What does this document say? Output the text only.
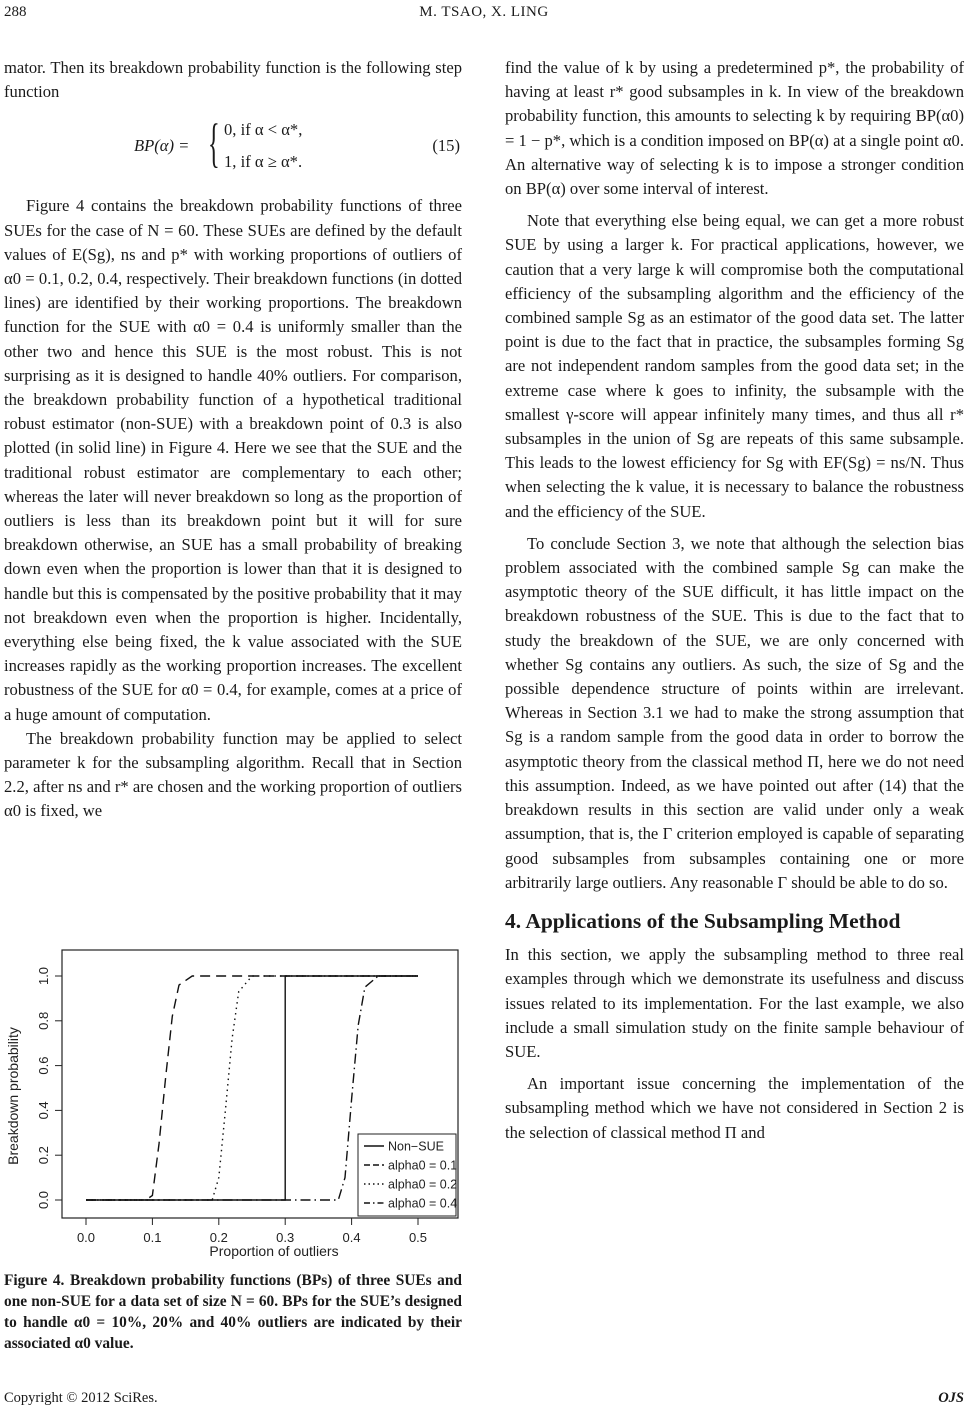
288	M. TSAO, X. LING

mator. Then its breakdown probability function is the following step function

BP(α) = { 0, if α < α*,
1, if α ≥ α*.
(15)

Figure 4 contains the breakdown probability functions of three SUEs for the case of N = 60. These SUEs are defined by the default values of E(Sg), ns and p* with working proportions of outliers of α0 = 0.1, 0.2, 0.4, respectively. Their breakdown functions (in dotted lines) are identified by their working proportions. The breakdown function for the SUE with α0 = 0.4 is uniformly smaller than the other two and hence this SUE is the most robust. This is not surprising as it is designed to handle 40% outliers. For comparison, the breakdown probability function of a hypothetical traditional robust estimator (non-SUE) with a breakdown point of 0.3 is also plotted (in solid line) in Figure 4. Here we see that the SUE and the traditional robust estimator are complementary to each other; whereas the later will never breakdown so long as the proportion of outliers is less than its breakdown point but it will for sure breakdown otherwise, an SUE has a small probability of breaking down even when the proportion is lower than that it is designed to handle but this is compensated by the positive probability that it may not breakdown even when the proportion is higher. Incidentally, everything else being fixed, the k value associated with the SUE increases rapidly as the working proportion increases. The excellent robustness of the SUE for α0 = 0.4, for example, comes at a price of a huge amount of computation.

The breakdown probability function may be applied to select parameter k for the subsampling algorithm. Recall that in Section 2.2, after ns and r* are chosen and the working proportion of outliers α0 is fixed, we

0.0	0.1	0.2	0.3	0.4	0.5
0.0
0.2
0.4
0.6
0.8
1.0
Proportion of outliers
Breakdown probability	Non−SUE
alpha0 = 0.1
alpha0 = 0.2
alpha0 = 0.4
Figure 4. Breakdown probability functions (BPs) of three SUEs and one non-SUE for a data set of size N = 60. BPs for the SUE’s designed to handle α0 = 10%, 20% and 40% outliers are indicated by their associated α0 value.

find the value of k by using a predetermined p*, the probability of having at least r* good subsamples in k. In view of the breakdown probability function, this amounts to selecting k by requiring BP(α0) = 1 − p*, which is a condition imposed on BP(α) at a single point α0. An alternative way of selecting k is to impose a stronger condition on BP(α) over some interval of interest.

Note that everything else being equal, we can get a more robust SUE by using a larger k. For practical applications, however, we caution that a very large k will compromise both the computational efficiency of the subsampling algorithm and the efficiency of the combined sample Sg as an estimator of the good data set. The latter point is due to the fact that in practice, the subsamples forming Sg are not independent random samples from the good data set; in the extreme case where k goes to infinity, the subsample with the smallest γ-score will appear infinitely many times, and thus all r* subsamples in the union of Sg are repeats of this same subsample. This leads to the lowest efficiency for Sg with EF(Sg) = ns/N. Thus when selecting the k value, it is necessary to balance the robustness and the efficiency of the SUE.

To conclude Section 3, we note that although the selection bias problem associated with the combined sample Sg can make the asymptotic theory of the SUE difficult, it has little impact on the breakdown robustness of the SUE. This is due to the fact that to study the breakdown of the SUE, we are only concerned with whether Sg contains any outliers. As such, the size of Sg and the possible dependence structure of points within are irrelevant. Whereas in Section 3.1 we had to make the strong assumption that Sg is a random sample from the good data in order to borrow the asymptotic theory from the classical method Π, here we do not need this assumption. Indeed, as we have pointed out after (14) that the breakdown results in this section are valid under only a weak assumption, that is, the Γ criterion employed is capable of separating good subsamples from subsamples containing one or more arbitrarily large outliers. Any reasonable Γ should be able to do so.

4. Applications of the Subsampling Method

In this section, we apply the subsampling method to three real examples through which we demonstrate its usefulness and discuss issues related to its implementation. For the last example, we also include a small simulation study on the finite sample behaviour of SUE.

An important issue concerning the implementation of the subsampling method which we have not considered in Section 2 is the selection of classical method Π and

Copyright © 2012 SciRes.	OJS
